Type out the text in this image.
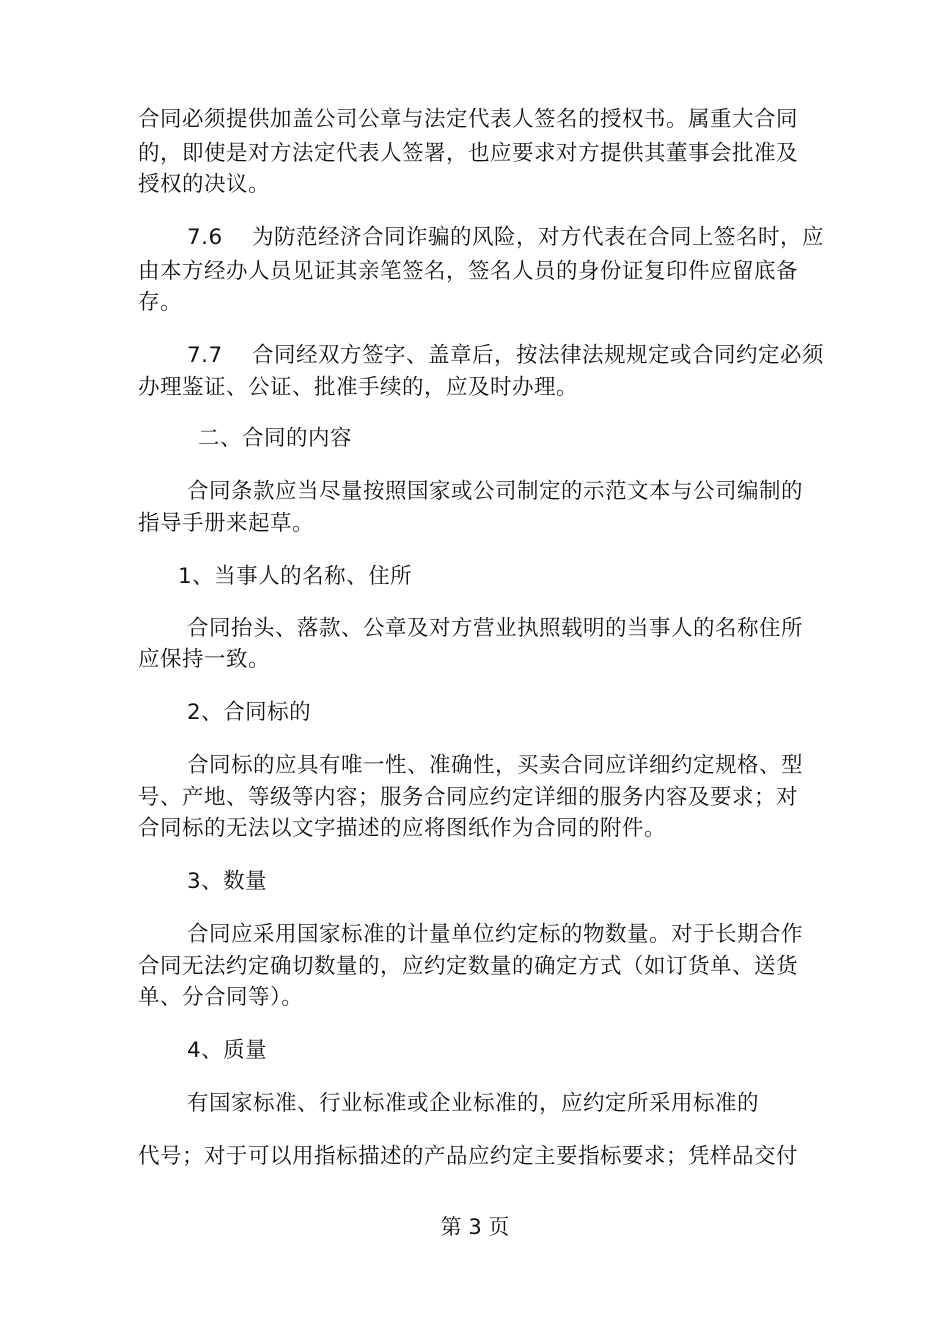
合同必须提供加盖公司公章与法定代表人签名的授权书。属重大合同
的，即使是对方法定代表人签署，也应要求对方提供其董事会批准及
授权的决议。
7.6　 为防范经济合同诈骗的风险，对方代表在合同上签名时，应
由本方经办人员见证其亲笔签名，签名人员的身份证复印件应留底备
存。
7.7　 合同经双方签字、盖章后，按法律法规规定或合同约定必须
办理鉴证、公证、批准手续的，应及时办理。
二、合同的内容
合同条款应当尽量按照国家或公司制定的示范文本与公司编制的
指导手册来起草。
1、当事人的名称、住所
合同抬头、落款、公章及对方营业执照载明的当事人的名称住所
应保持一致。
2、合同标的
合同标的应具有唯一性、准确性，买卖合同应详细约定规格、型
号、产地、等级等内容；服务合同应约定详细的服务内容及要求；对
合同标的无法以文字描述的应将图纸作为合同的附件。
3、数量
合同应采用国家标准的计量单位约定标的物数量。对于长期合作
合同无法约定确切数量的，应约定数量的确定方式（如订货单、送货
单、分合同等）。
4、质量
有国家标准、行业标准或企业标准的，应约定所采用标准的
代号；对于可以用指标描述的产品应约定主要指标要求；凭样品交付
第 3 页
